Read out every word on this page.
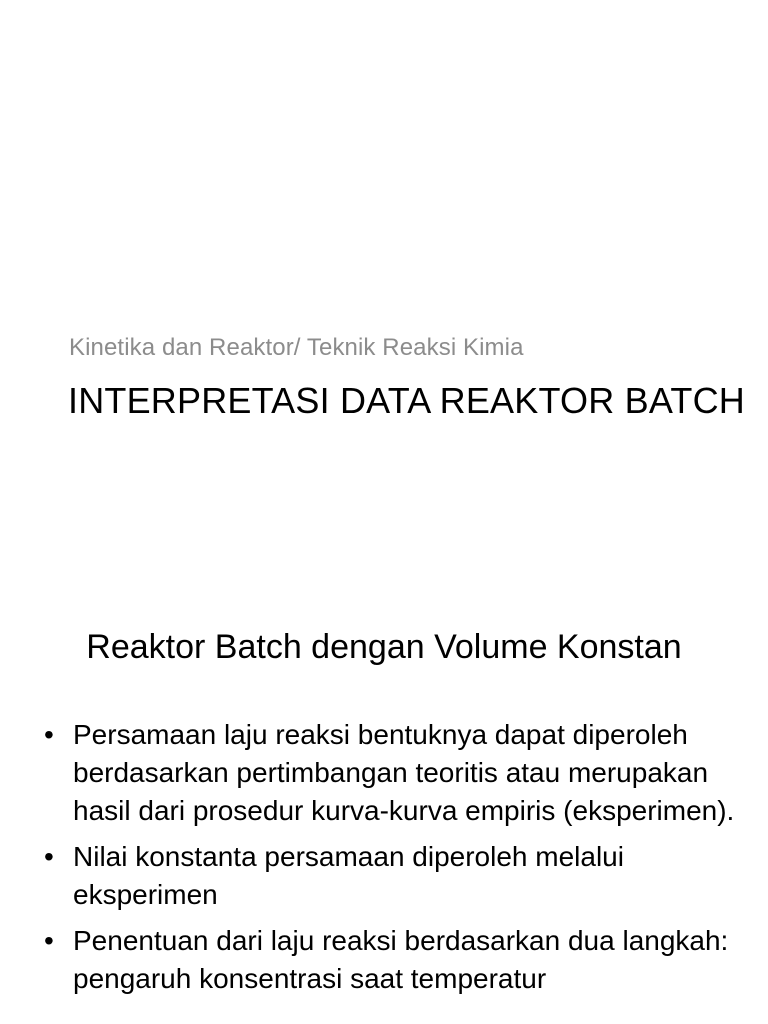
Kinetika dan Reaktor/ Teknik Reaksi Kimia
INTERPRETASI DATA REAKTOR BATCH
Reaktor Batch dengan Volume Konstan
• Persamaan laju reaksi bentuknya dapat diperoleh berdasarkan pertimbangan teoritis atau merupakan hasil dari prosedur kurva-kurva empiris (eksperimen).
• Nilai konstanta persamaan diperoleh melalui eksperimen
• Penentuan dari laju reaksi berdasarkan dua langkah: pengaruh konsentrasi saat temperatur
